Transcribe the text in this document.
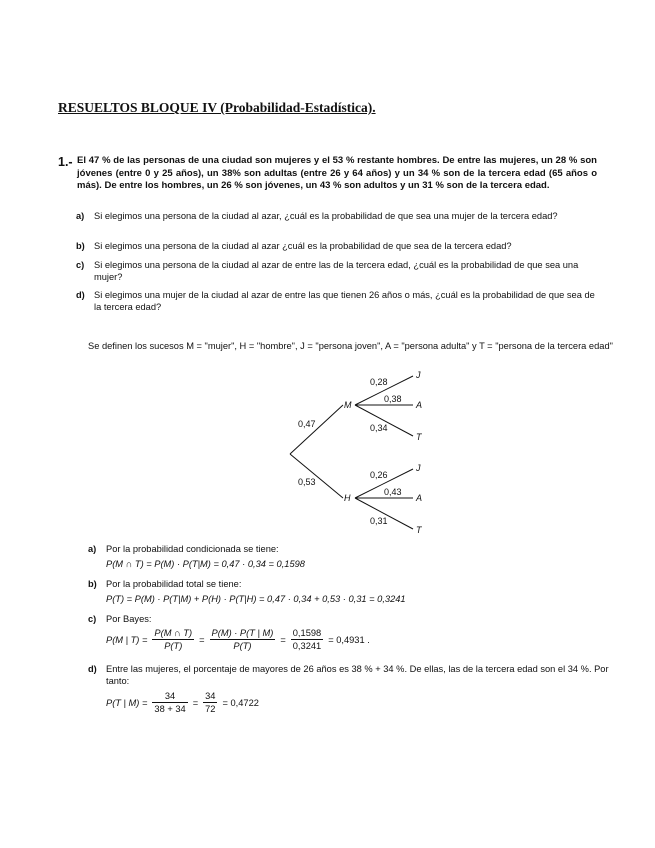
RESUELTOS BLOQUE IV (Probabilidad-Estadística).
1.- El 47 % de las personas de una ciudad son mujeres y el 53 % restante hombres. De entre las mujeres, un 28 % son jóvenes (entre 0 y 25 años), un 38% son adultas (entre 26 y 64 años) y un 34 % son de la tercera edad (65 años o más). De entre los hombres, un 26 % son jóvenes, un 43 % son adultos y un 31 % son de la tercera edad.
a) Si elegimos una persona de la ciudad al azar, ¿cuál es la probabilidad de que sea una mujer de la tercera edad?
b) Si elegimos una persona de la ciudad al azar ¿cuál es la probabilidad de que sea de la tercera edad?
c) Si elegimos una persona de la ciudad al azar de entre las de la tercera edad, ¿cuál es la probabilidad de que sea una mujer?
d) Si elegimos una mujer de la ciudad al azar de entre las que tienen 26 años o más, ¿cuál es la probabilidad de que sea de la tercera edad?
Se definen los sucesos M = "mujer", H = "hombre", J = "persona joven", A = "persona adulta" y T = "persona de la tercera edad"
M
H
0,47
0,53
J
A
T
0,28
0,38
0,34
J
A
T
0,26
0,43
0,31
a) Por la probabilidad condicionada se tiene:
P(M ∩ T) = P(M) · P(T|M) = 0,47 · 0,34 = 0,1598
b) Por la probabilidad total se tiene:
P(T) = P(M) · P(T|M) + P(H) · P(T|H) = 0,47 · 0,34 + 0,53 · 0,31 = 0,3241
c) Por Bayes:
P(M | $T) = \frac{P(M \cap T)}{P(T)} = \frac{P(M) \cdot P(T | M)}{P(T)} = \frac{0,1598}{0,3241} = 0,4931$ .
d) Entre las mujeres, el porcentaje de mayores de 26 años es 38 % + 34 %. De ellas, las de la tercera edad son el 34 %. Por tanto:
P(T | $M) = \frac{34}{38 + 34} = \frac{34}{72} = 0,4722$
